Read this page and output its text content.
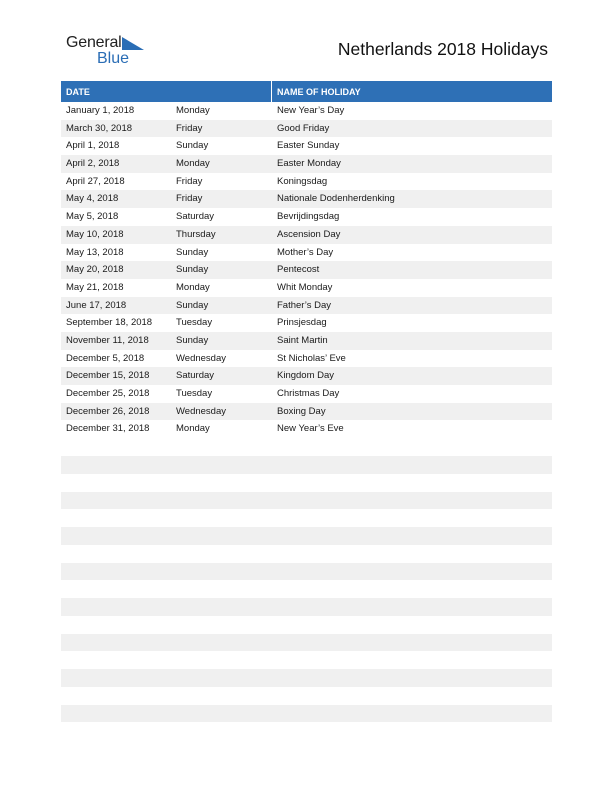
General
Blue	Netherlands 2018 Holidays
DATE	NAME OF HOLIDAY
January 1, 2018	Monday	New Year’s Day
March 30, 2018	Friday	Good Friday
April 1, 2018	Sunday	Easter Sunday
April 2, 2018	Monday	Easter Monday
April 27, 2018	Friday	Koningsdag
May 4, 2018	Friday	Nationale Dodenherdenking
May 5, 2018	Saturday	Bevrijdingsdag
May 10, 2018	Thursday	Ascension Day
May 13, 2018	Sunday	Mother’s Day
May 20, 2018	Sunday	Pentecost
May 21, 2018	Monday	Whit Monday
June 17, 2018	Sunday	Father’s Day
September 18, 2018	Tuesday	Prinsjesdag
November 11, 2018	Sunday	Saint Martin
December 5, 2018	Wednesday	St Nicholas’ Eve
December 15, 2018	Saturday	Kingdom Day
December 25, 2018	Tuesday	Christmas Day
December 26, 2018	Wednesday	Boxing Day
December 31, 2018	Monday	New Year’s Eve
